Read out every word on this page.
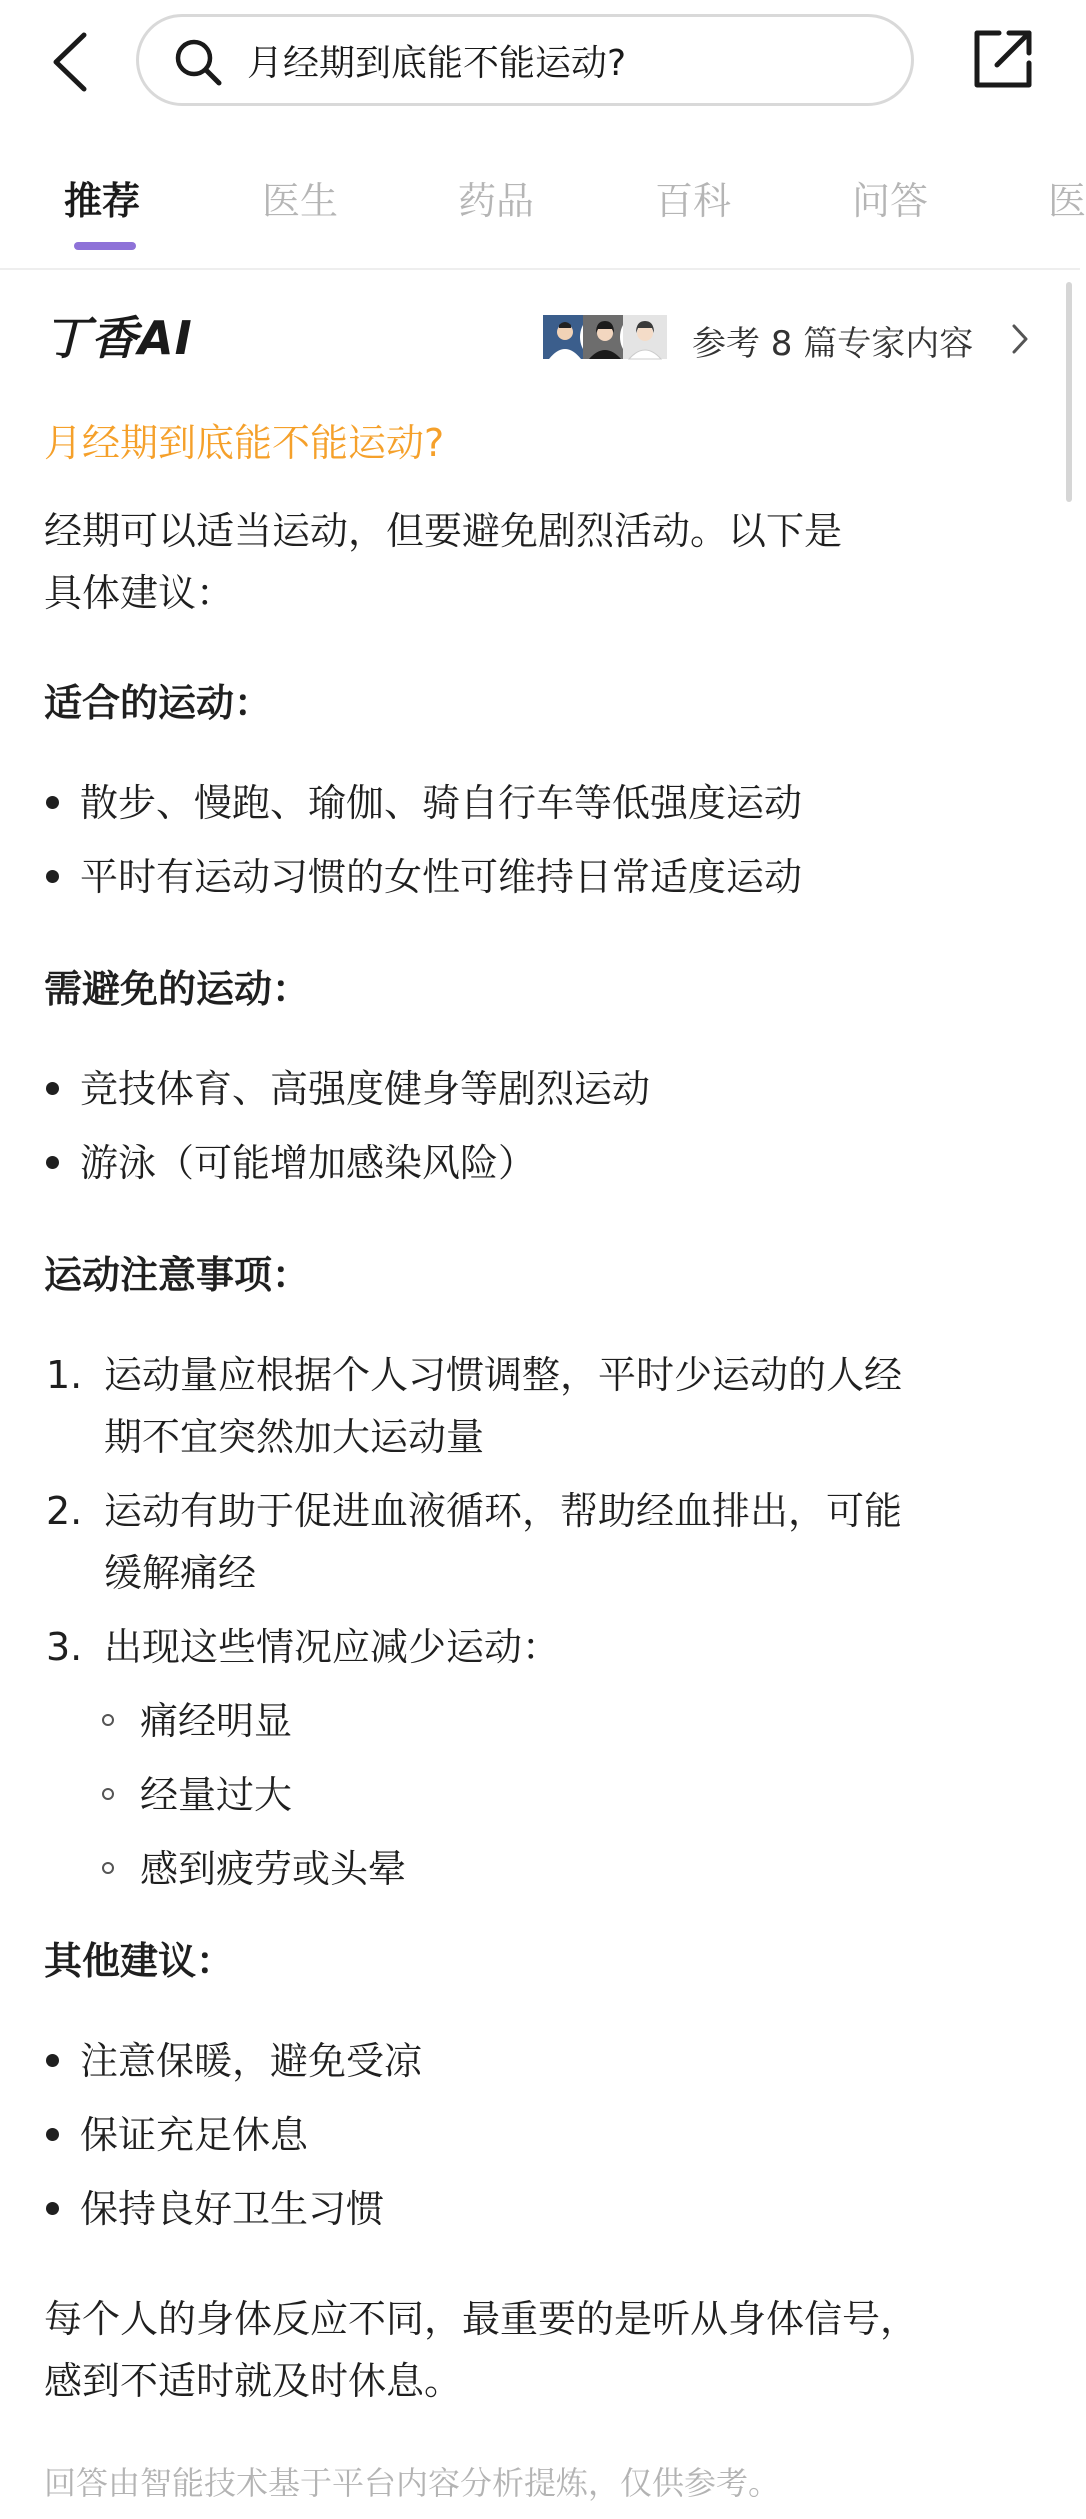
月经期到底能不能运动?
推荐	医生	药品	百科	问答	医
丁香AI	参考 8 篇专家内容
月经期到底能不能运动?
经期可以适当运动，但要避免剧烈活动。以下是
具体建议：
适合的运动：
散步、慢跑、瑜伽、骑自行车等低强度运动
平时有运动习惯的女性可维持日常适度运动
需避免的运动：
竞技体育、高强度健身等剧烈运动
游泳（可能增加感染风险）
运动注意事项：
1. 运动量应根据个人习惯调整，平时少运动的人经
期不宜突然加大运动量
2. 运动有助于促进血液循环，帮助经血排出，可能
缓解痛经
3. 出现这些情况应减少运动：
痛经明显
经量过大
感到疲劳或头晕
其他建议：
注意保暖，避免受凉
保证充足休息
保持良好卫生习惯
每个人的身体反应不同，最重要的是听从身体信号，
感到不适时就及时休息。
回答由智能技术基于平台内容分析提炼，仅供参考。
